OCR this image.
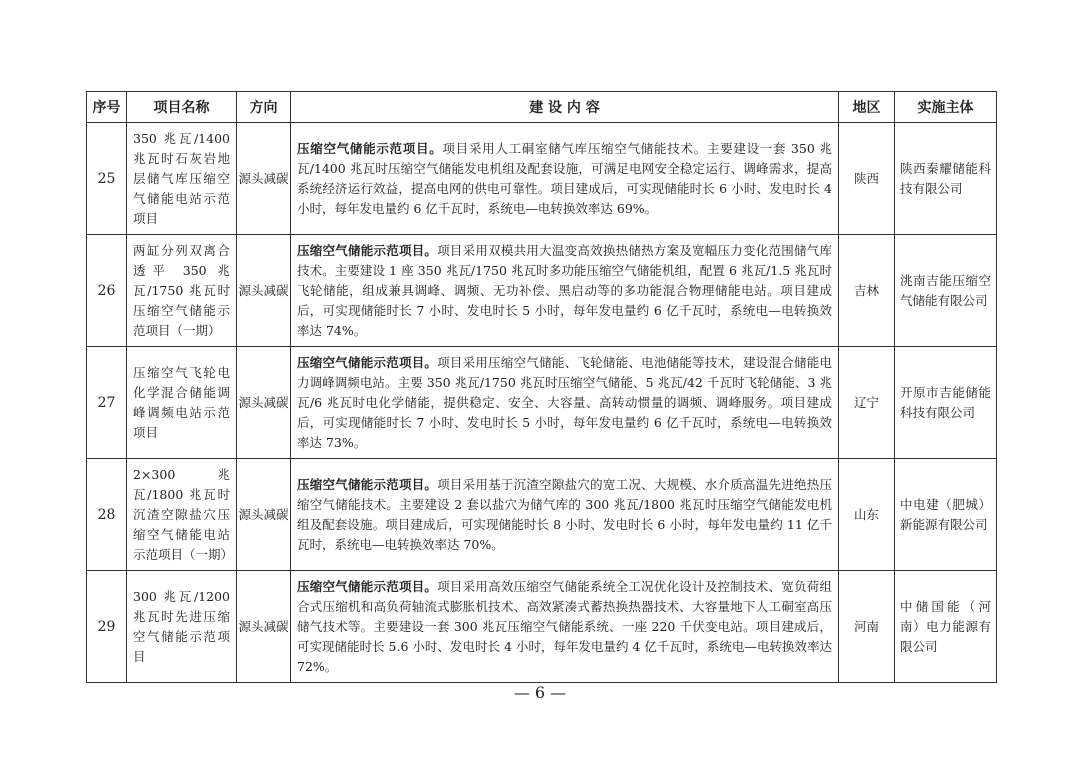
序号	项目名称	方向	建 设 内 容	地区	实施主体
25	350 兆瓦/1400 兆瓦时石灰岩地层储气库压缩空气储能电站示范项目	源头减碳	压缩空气储能示范项目。项目采用人工硐室储气库压缩空气储能技术。主要建设一套 350 兆瓦/1400 兆瓦时压缩空气储能发电机组及配套设施，可满足电网安全稳定运行、调峰需求，提高系统经济运行效益，提高电网的供电可靠性。项目建成后，可实现储能时长 6 小时、发电时长 4 小时，每年发电量约 6 亿千瓦时，系统电—电转换效率达 69%。	陕西	陕西秦耀储能科技有限公司
26	两缸分列双离合透平 350 兆瓦/1750 兆瓦时压缩空气储能示范项目（一期）	源头减碳	压缩空气储能示范项目。项目采用双模共用大温变高效换热储热方案及宽幅压力变化范围储气库技术。主要建设 1 座 350 兆瓦/1750 兆瓦时多功能压缩空气储能机组，配置 6 兆瓦/1.5 兆瓦时飞轮储能，组成兼具调峰、调频、无功补偿、黑启动等的多功能混合物理储能电站。项目建成后，可实现储能时长 7 小时、发电时长 5 小时，每年发电量约 6 亿千瓦时，系统电—电转换效率达 74%。	吉林	洮南吉能压缩空气储能有限公司
27	压缩空气飞轮电化学混合储能调峰调频电站示范项目	源头减碳	压缩空气储能示范项目。项目采用压缩空气储能、飞轮储能、电池储能等技术，建设混合储能电力调峰调频电站。主要 350 兆瓦/1750 兆瓦时压缩空气储能、5 兆瓦/42 千瓦时飞轮储能、3 兆瓦/6 兆瓦时电化学储能，提供稳定、安全、大容量、高转动惯量的调频、调峰服务。项目建成后，可实现储能时长 7 小时、发电时长 5 小时，每年发电量约 6 亿千瓦时，系统电—电转换效率达 73%。	辽宁	开原市吉能储能科技有限公司
28	2×300 兆瓦/1800 兆瓦时沉渣空隙盐穴压缩空气储能电站示范项目（一期）	源头减碳	压缩空气储能示范项目。项目采用基于沉渣空隙盐穴的宽工况、大规模、水介质高温先进绝热压缩空气储能技术。主要建设 2 套以盐穴为储气库的 300 兆瓦/1800 兆瓦时压缩空气储能发电机组及配套设施。项目建成后，可实现储能时长 8 小时、发电时长 6 小时，每年发电量约 11 亿千瓦时，系统电—电转换效率达 70%。	山东	中电建（肥城）新能源有限公司
29	300 兆瓦/1200 兆瓦时先进压缩空气储能示范项目	源头减碳	压缩空气储能示范项目。项目采用高效压缩空气储能系统全工况优化设计及控制技术、宽负荷组合式压缩机和高负荷轴流式膨胀机技术、高效紧凑式蓄热换热器技术、大容量地下人工硐室高压储气技术等。主要建设一套 300 兆瓦压缩空气储能系统、一座 220 千伏变电站。项目建成后，可实现储能时长 5.6 小时、发电时长 4 小时，每年发电量约 4 亿千瓦时，系统电—电转换效率达 72%。	河南	中储国能（河南）电力能源有限公司
— 6 —
